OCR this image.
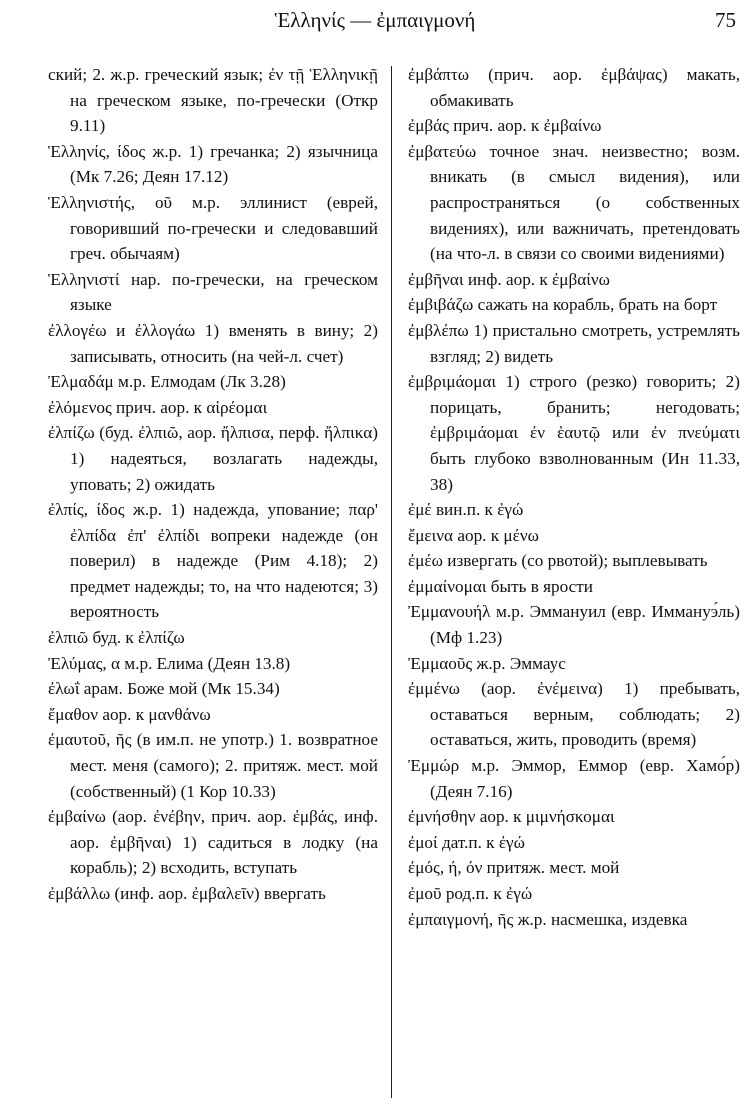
Ἑλληνίς — ἐμπαιγμονή	75

ский; 2. ж.р. греческий язык; ἐν τῇ Ἑλληνικῇ на греческом языке, по-гречески (Откр 9.11)

Ἑλληνίς, ίδος ж.р. 1) гречанка; 2) язычница (Мк 7.26; Деян 17.12)

Ἑλληνιστής, οῦ м.р. эллинист (еврей, говоривший по-гречески и следовавший греч. обычаям)

Ἑλληνιστί нар. по-гречески, на греческом языке

ἐλλογέω и ἐλλογάω 1) вменять в вину; 2) записывать, относить (на чей-л. счет)

Ἐλμαδάμ м.р. Елмодам (Лк 3.28)

ἐλόμενος прич. аор. к αἱρέομαι

ἐλπίζω (буд. ἐλπιῶ, аор. ἤλπισα, перф. ἤλπικα) 1) надеяться, возлагать надежды, уповать; 2) ожидать

ἐλπίς, ίδος ж.р. 1) надежда, упование; παρ' ἐλπίδα ἐπ' ἐλπίδι вопреки надежде (он поверил) в надежде (Рим 4.18); 2) предмет надежды; то, на что надеются; 3) вероятность

ἐλπιῶ буд. к ἐλπίζω

Ἐλύμας, α м.р. Елима (Деян 13.8)

ἐλωΐ арам. Боже мой (Мк 15.34)

ἔμαθον аор. к μανθάνω

ἐμαυτοῦ, ῆς (в им.п. не употр.) 1. возвратное мест. меня (самого); 2. притяж. мест. мой (собственный) (1 Кор 10.33)

ἐμβαίνω (аор. ἐνέβην, прич. аор. ἐμβάς, инф. аор. ἐμβῆναι) 1) садиться в лодку (на корабль); 2) всходить, вступать

ἐμβάλλω (инф. аор. ἐμβαλεῖν) ввергать

ἐμβάπτω (прич. аор. ἐμβάψας) макать, обмакивать

ἐμβάς прич. аор. к ἐμβαίνω

ἐμβατεύω точное знач. неизвестно; возм. вникать (в смысл видения), или распространяться (о собственных видениях), или важничать, претендовать (на что-л. в связи со своими видениями)

ἐμβῆναι инф. аор. к ἐμβαίνω

ἐμβιβάζω сажать на корабль, брать на борт

ἐμβλέπω 1) пристально смотреть, устремлять взгляд; 2) видеть

ἐμβριμάομαι 1) строго (резко) говорить; 2) порицать, бранить; негодовать; ἐμβριμάομαι ἐν ἑαυτῷ или ἐν πνεύματι быть глубоко взволнованным (Ин 11.33, 38)

ἐμέ вин.п. к ἐγώ

ἔμεινα аор. к μένω

ἐμέω извергать (со рвотой); выплевывать

ἐμμαίνομαι быть в ярости

Ἐμμανουήλ м.р. Эммануил (евр. Иммануэ́ль) (Мф 1.23)

Ἐμμαοῦς ж.р. Эммаус

ἐμμένω (аор. ἐνέμεινα) 1) пребывать, оставаться верным, соблюдать; 2) оставаться, жить, проводить (время)

Ἐμμώρ м.р. Эммор, Еммор (евр. Хамо́р) (Деян 7.16)

ἐμνήσθην аор. к μιμνήσκομαι

ἐμοί дат.п. к ἐγώ

ἐμός, ή, όν притяж. мест. мой

ἐμοῦ род.п. к ἐγώ

ἐμπαιγμονή, ῆς ж.р. насмешка, издевка
